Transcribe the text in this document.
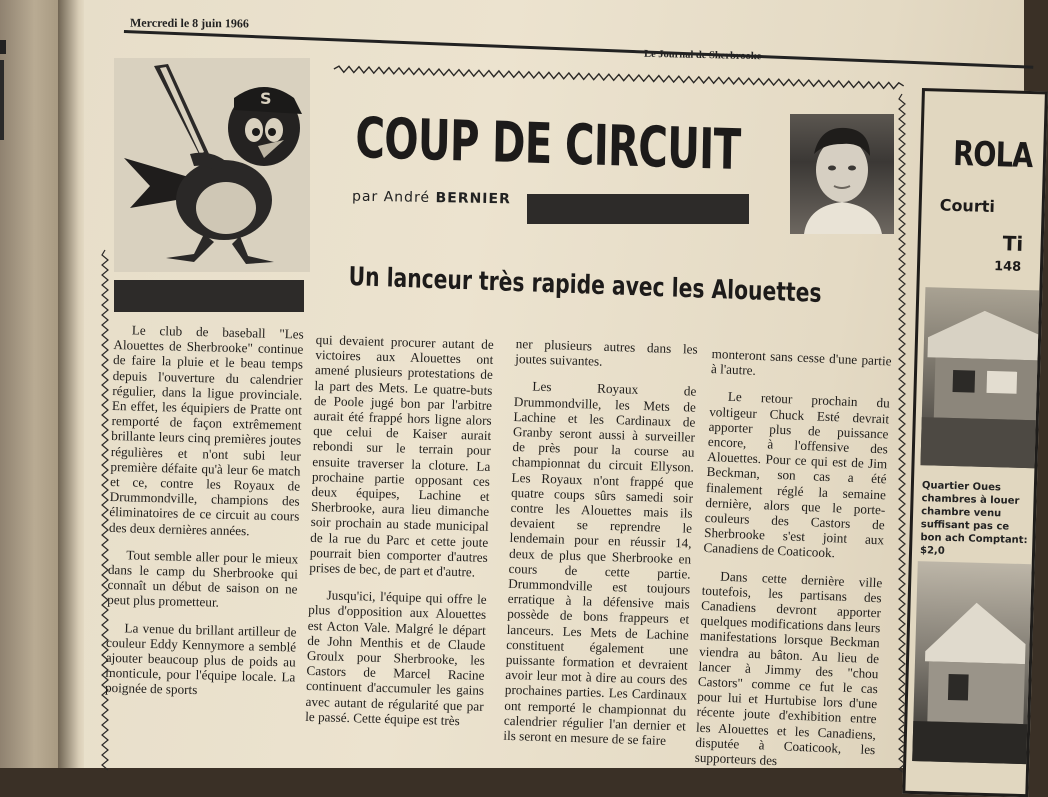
Mercredi le 8 juin 1966
Le Journal de Sherbrooke
S
COUP DE CIRCUIT
par André BERNIER
Un lanceur très rapide avec les Alouettes

Le club de baseball "Les Alouettes de Sherbrooke" continue de faire la pluie et le beau temps depuis l'ouverture du calendrier régulier, dans la ligue provinciale. En effet, les équipiers de Pratte ont remporté de façon extrêmement brillante leurs cinq premières joutes régulières et n'ont subi leur première défaite qu'à leur 6e match et ce, contre les Royaux de Drummondville, champions des éliminatoires de ce circuit au cours des deux dernières années.

Tout semble aller pour le mieux dans le camp du Sherbrooke qui connaît un début de saison on ne peut plus prometteur.

La venue du brillant artilleur de couleur Eddy Kennymore a semblé ajouter beaucoup plus de poids au monticule, pour l'équipe locale. La poignée de sports

qui devaient procurer autant de victoires aux Alouettes ont amené plusieurs protestations de la part des Mets. Le quatre-buts de Poole jugé bon par l'arbitre aurait été frappé hors ligne alors que celui de Kaiser aurait rebondi sur le terrain pour ensuite traverser la cloture. La prochaine partie opposant ces deux équipes, Lachine et Sherbrooke, aura lieu dimanche soir prochain au stade municipal de la rue du Parc et cette joute pourrait bien comporter d'autres prises de bec, de part et d'autre.

Jusqu'ici, l'équipe qui offre le plus d'opposition aux Alouettes est Acton Vale. Malgré le départ de John Menthis et de Claude Groulx pour Sherbrooke, les Castors de Marcel Racine continuent d'accumuler les gains avec autant de régularité que par le passé. Cette équipe est très

ner plusieurs autres dans les joutes suivantes.

Les Royaux de Drummondville, les Mets de Lachine et les Cardinaux de Granby seront aussi à surveiller de près pour la course au championnat du circuit Ellyson. Les Royaux n'ont frappé que quatre coups sûrs samedi soir contre les Alouettes mais ils devaient se reprendre le lendemain pour en réussir 14, deux de plus que Sherbrooke en cours de cette partie. Drummondville est toujours erratique à la défensive mais possède de bons frappeurs et lanceurs. Les Mets de Lachine constituent également une puissante formation et devraient avoir leur mot à dire au cours des prochaines parties. Les Cardinaux ont remporté le championnat du calendrier régulier l'an dernier et ils seront en mesure de se faire

monteront sans cesse d'une partie à l'autre.

Le retour prochain du voltigeur Chuck Esté devrait apporter plus de puissance encore, à l'offensive des Alouettes. Pour ce qui est de Jim Beckman, son cas a été finalement réglé la semaine dernière, alors que le porte-couleurs des Castors de Sherbrooke s'est joint aux Canadiens de Coaticook.

Dans cette dernière ville toutefois, les partisans des Canadiens devront apporter quelques modifications dans leurs manifestations lorsque Beckman viendra au bâton. Au lieu de lancer à Jimmy des "chou Castors" comme ce fut le cas pour lui et Hurtubise lors d'une récente joute d'exhibition entre les Alouettes et les Canadiens, disputée à Coaticook, les supporteurs des

ROLA
Courti
Ti
148
Quartier Oues chambres à louer chambre venu suffisant pas ce bon ach Comptant: $2,0
